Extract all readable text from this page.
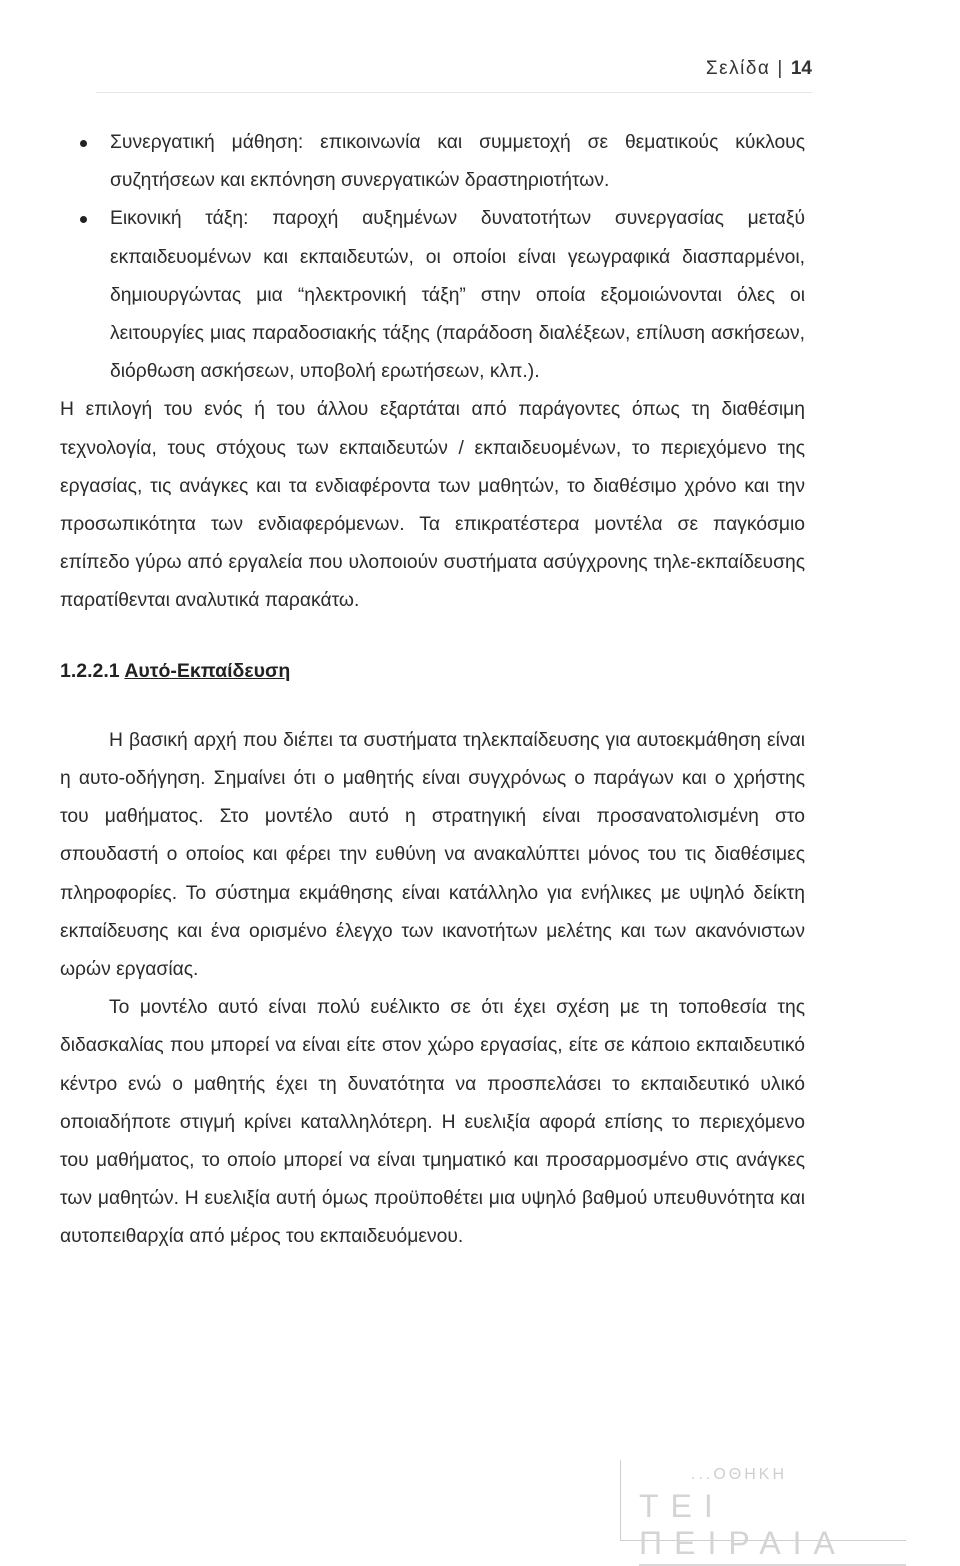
Σελίδα | 14
Συνεργατική μάθηση: επικοινωνία και συμμετοχή σε θεματικούς κύκλους συζητήσεων και εκπόνηση συνεργατικών δραστηριοτήτων.
Εικονική τάξη: παροχή αυξημένων δυνατοτήτων συνεργασίας μεταξύ εκπαιδευομένων και εκπαιδευτών, οι οποίοι είναι γεωγραφικά διασπαρμένοι, δημιουργώντας μια “ηλεκτρονική τάξη” στην οποία εξομοιώνονται όλες οι λειτουργίες μιας παραδοσιακής τάξης (παράδοση διαλέξεων, επίλυση ασκήσεων, διόρθωση ασκήσεων, υποβολή ερωτήσεων, κλπ.).

Η επιλογή του ενός ή του άλλου εξαρτάται από παράγοντες όπως τη διαθέσιμη τεχνολογία, τους στόχους των εκπαιδευτών / εκπαιδευομένων, το περιεχόμενο της εργασίας, τις ανάγκες και τα ενδιαφέροντα των μαθητών, το διαθέσιμο χρόνο και την προσωπικότητα των ενδιαφερόμενων. Τα επικρατέστερα μοντέλα σε παγκόσμιο επίπεδο γύρω από εργαλεία που υλοποιούν συστήματα ασύγχρονης τηλε-εκπαίδευσης παρατίθενται αναλυτικά παρακάτω.

1.2.2.1 Αυτό-Εκπαίδευση

Η βασική αρχή που διέπει τα συστήματα τηλεκπαίδευσης για αυτοεκμάθηση είναι η αυτο-οδήγηση. Σημαίνει ότι ο μαθητής είναι συγχρόνως ο παράγων και ο χρήστης του μαθήματος. Στο μοντέλο αυτό η στρατηγική είναι προσανατολισμένη στο σπουδαστή ο οποίος και φέρει την ευθύνη να ανακαλύπτει μόνος του τις διαθέσιμες πληροφορίες. Το σύστημα εκμάθησης είναι κατάλληλο για ενήλικες με υψηλό δείκτη εκπαίδευσης και ένα ορισμένο έλεγχο των ικανοτήτων μελέτης και των ακανόνιστων ωρών εργασίας.

Το μοντέλο αυτό είναι πολύ ευέλικτο σε ότι έχει σχέση με τη τοποθεσία της διδασκαλίας που μπορεί να είναι είτε στον χώρο εργασίας, είτε σε κάποιο εκπαιδευτικό κέντρο ενώ ο μαθητής έχει τη δυνατότητα να προσπελάσει το εκπαιδευτικό υλικό οποιαδήποτε στιγμή κρίνει καταλληλότερη. Η ευελιξία αφορά επίσης το περιεχόμενο του μαθήματος, το οποίο μπορεί να είναι τμηματικό και προσαρμοσμένο στις ανάγκες των μαθητών. Η ευελιξία αυτή όμως προϋποθέτει μια υψηλό βαθμού υπευθυνότητα και αυτοπειθαρχία από μέρος του εκπαιδευόμενου.

...ΟΘΗΚΗ
ΤΕΙ ΠΕΙΡΑΙΑ
